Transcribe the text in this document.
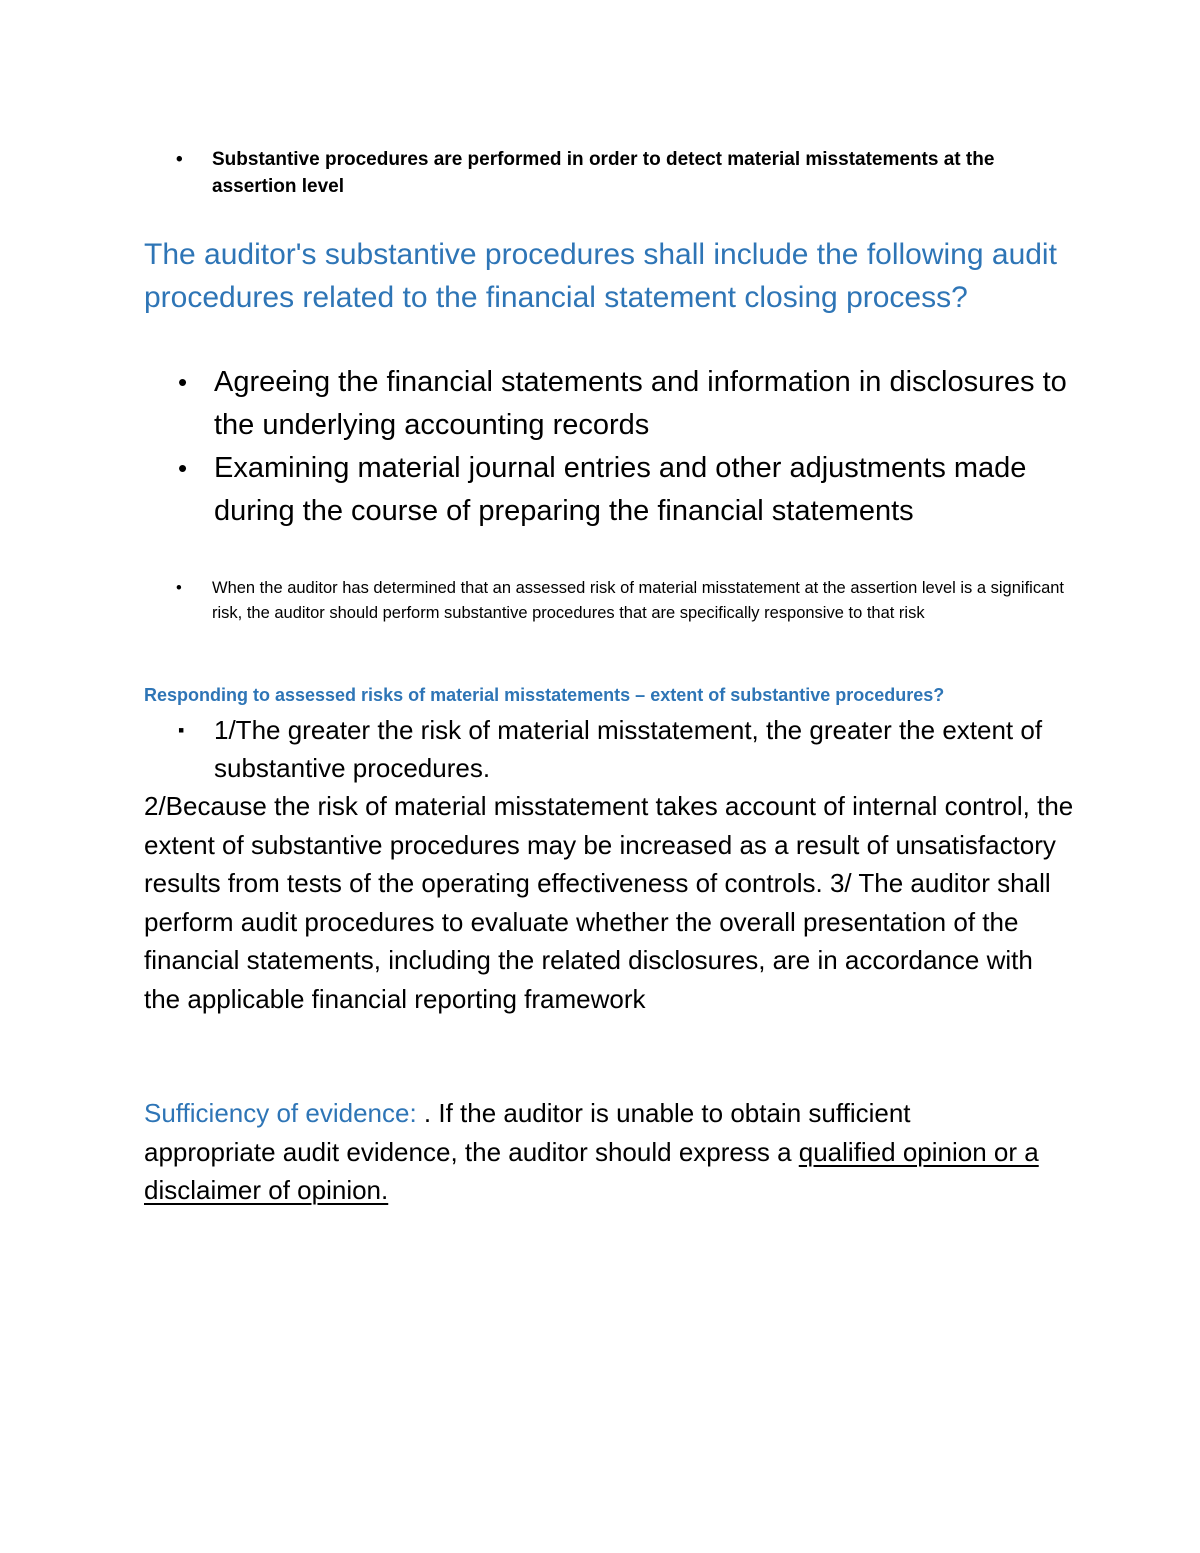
•	Substantive procedures are performed in order to detect material misstatements at the assertion level
The auditor's substantive procedures shall include the following audit procedures related to the financial statement closing process?
• Agreeing the financial statements and information in disclosures to the underlying accounting records
• Examining material journal entries and other adjustments made during the course of preparing the financial statements
•	When the auditor has determined that an assessed risk of material misstatement at the assertion level is a significant risk, the auditor should perform substantive procedures that are specifically responsive to that risk
Responding to assessed risks of material misstatements – extent of substantive procedures?
▪	1/The greater the risk of material misstatement, the greater the extent of substantive procedures.
2/Because the risk of material misstatement takes account of internal control, the extent of substantive procedures may be increased as a result of unsatisfactory results from tests of the operating effectiveness of controls. 3/ The auditor shall perform audit procedures to evaluate whether the overall presentation of the financial statements, including the related disclosures, are in accordance with the applicable financial reporting framework
Sufficiency of evidence: . If the auditor is unable to obtain sufficient appropriate audit evidence, the auditor should express a qualified opinion or a disclaimer of opinion.
